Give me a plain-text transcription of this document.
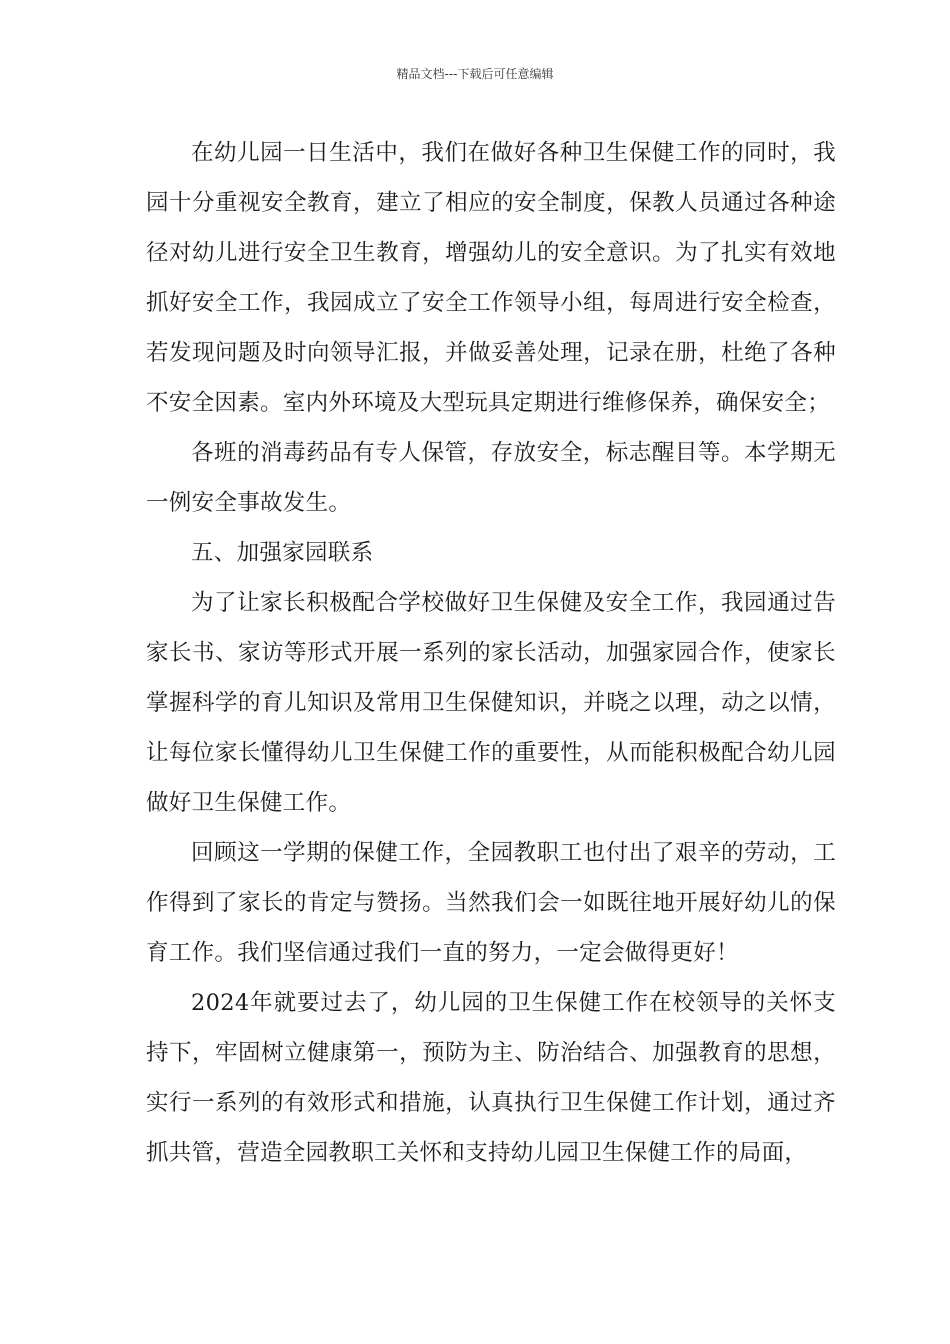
精品文档---下载后可任意编辑

在幼儿园一日生活中，我们在做好各种卫生保健工作的同时，我园十分重视安全教育，建立了相应的安全制度，保教人员通过各种途径对幼儿进行安全卫生教育，增强幼儿的安全意识。为了扎实有效地抓好安全工作，我园成立了安全工作领导小组，每周进行安全检查，若发现问题及时向领导汇报，并做妥善处理，记录在册，杜绝了各种不安全因素。室内外环境及大型玩具定期进行维修保养，确保安全；

各班的消毒药品有专人保管，存放安全，标志醒目等。本学期无一例安全事故发生。

五、加强家园联系

为了让家长积极配合学校做好卫生保健及安全工作，我园通过告家长书、家访等形式开展一系列的家长活动，加强家园合作，使家长掌握科学的育儿知识及常用卫生保健知识，并晓之以理，动之以情，让每位家长懂得幼儿卫生保健工作的重要性，从而能积极配合幼儿园做好卫生保健工作。

回顾这一学期的保健工作，全园教职工也付出了艰辛的劳动，工作得到了家长的肯定与赞扬。当然我们会一如既往地开展好幼儿的保育工作。我们坚信通过我们一直的努力，一定会做得更好！

2024年就要过去了，幼儿园的卫生保健工作在校领导的关怀支持下，牢固树立健康第一，预防为主、防治结合、加强教育的思想，实行一系列的有效形式和措施，认真执行卫生保健工作计划，通过齐抓共管，营造全园教职工关怀和支持幼儿园卫生保健工作的局面，
